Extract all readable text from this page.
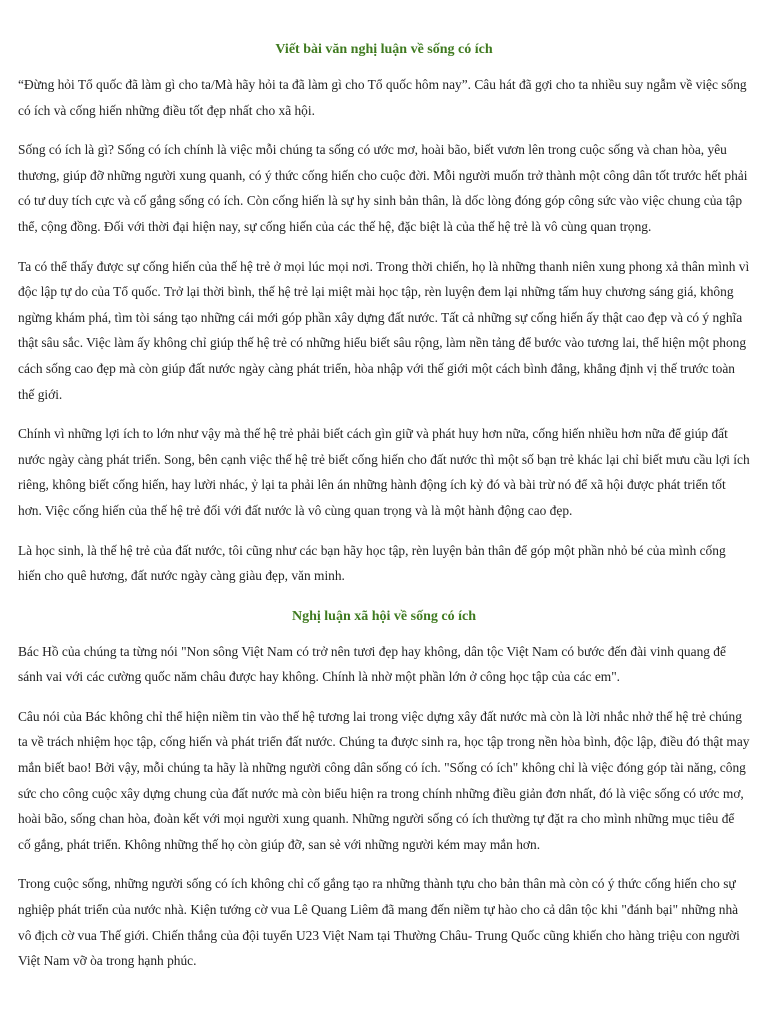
Viết bài văn nghị luận về sống có ích

“Đừng hỏi Tổ quốc đã làm gì cho ta/Mà hãy hỏi ta đã làm gì cho Tổ quốc hôm nay”. Câu hát đã gợi cho ta nhiều suy ngẫm về việc sống có ích và cống hiến những điều tốt đẹp nhất cho xã hội.

Sống có ích là gì? Sống có ích chính là việc mỗi chúng ta sống có ước mơ, hoài bão, biết vươn lên trong cuộc sống và chan hòa, yêu thương, giúp đỡ những người xung quanh, có ý thức cống hiến cho cuộc đời. Mỗi người muốn trở thành một công dân tốt trước hết phải có tư duy tích cực và cố gắng sống có ích. Còn cống hiến là sự hy sinh bản thân, là dốc lòng đóng góp công sức vào việc chung của tập thể, cộng đồng. Đối với thời đại hiện nay, sự cống hiến của các thế hệ, đặc biệt là của thế hệ trẻ là vô cùng quan trọng.

Ta có thể thấy được sự cống hiến của thế hệ trẻ ở mọi lúc mọi nơi. Trong thời chiến, họ là những thanh niên xung phong xả thân mình vì độc lập tự do của Tổ quốc. Trở lại thời bình, thế hệ trẻ lại miệt mài học tập, rèn luyện đem lại những tấm huy chương sáng giá, không ngừng khám phá, tìm tòi sáng tạo những cái mới góp phần xây dựng đất nước. Tất cả những sự cống hiến ấy thật cao đẹp và có ý nghĩa thật sâu sắc. Việc làm ấy không chỉ giúp thế hệ trẻ có những hiểu biết sâu rộng, làm nền tảng để bước vào tương lai, thể hiện một phong cách sống cao đẹp mà còn giúp đất nước ngày càng phát triển, hòa nhập với thế giới một cách bình đẳng, khẳng định vị thế trước toàn thế giới.

Chính vì những lợi ích to lớn như vậy mà thế hệ trẻ phải biết cách gìn giữ và phát huy hơn nữa, cống hiến nhiều hơn nữa để giúp đất nước ngày càng phát triển. Song, bên cạnh việc thế hệ trẻ biết cống hiến cho đất nước thì một số bạn trẻ khác lại chỉ biết mưu cầu lợi ích riêng, không biết cống hiến, hay lười nhác, ỷ lại ta phải lên án những hành động ích kỷ đó và bài trừ nó để xã hội được phát triển tốt hơn. Việc cống hiến của thế hệ trẻ đối với đất nước là vô cùng quan trọng và là một hành động cao đẹp.

Là học sinh, là thế hệ trẻ của đất nước, tôi cũng như các bạn hãy học tập, rèn luyện bản thân để góp một phần nhỏ bé của mình cống hiến cho quê hương, đất nước ngày càng giàu đẹp, văn minh.

Nghị luận xã hội về sống có ích

Bác Hồ của chúng ta từng nói "Non sông Việt Nam có trở nên tươi đẹp hay không, dân tộc Việt Nam có bước đến đài vinh quang để sánh vai với các cường quốc năm châu được hay không. Chính là nhờ một phần lớn ở công học tập của các em".

Câu nói của Bác không chỉ thể hiện niềm tin vào thế hệ tương lai trong việc dựng xây đất nước mà còn là lời nhắc nhở thế hệ trẻ chúng ta về trách nhiệm học tập, cống hiến và phát triển đất nước. Chúng ta được sinh ra, học tập trong nền hòa bình, độc lập, điều đó thật may mắn biết bao! Bởi vậy, mỗi chúng ta hãy là những người công dân sống có ích. "Sống có ích" không chỉ là việc đóng góp tài năng, công sức cho công cuộc xây dựng chung của đất nước mà còn biểu hiện ra trong chính những điều giản đơn nhất, đó là việc sống có ước mơ, hoài bão, sống chan hòa, đoàn kết với mọi người xung quanh. Những người sống có ích thường tự đặt ra cho mình những mục tiêu để cố gắng, phát triển. Không những thế họ còn giúp đỡ, san sẻ với những người kém may mắn hơn.

Trong cuộc sống, những người sống có ích không chỉ cố gắng tạo ra những thành tựu cho bản thân mà còn có ý thức cống hiến cho sự nghiệp phát triển của nước nhà. Kiện tướng cờ vua Lê Quang Liêm đã mang đến niềm tự hào cho cả dân tộc khi "đánh bại" những nhà vô địch cờ vua Thế giới. Chiến thắng của đội tuyển U23 Việt Nam tại Thường Châu- Trung Quốc cũng khiến cho hàng triệu con người Việt Nam vỡ òa trong hạnh phúc.
